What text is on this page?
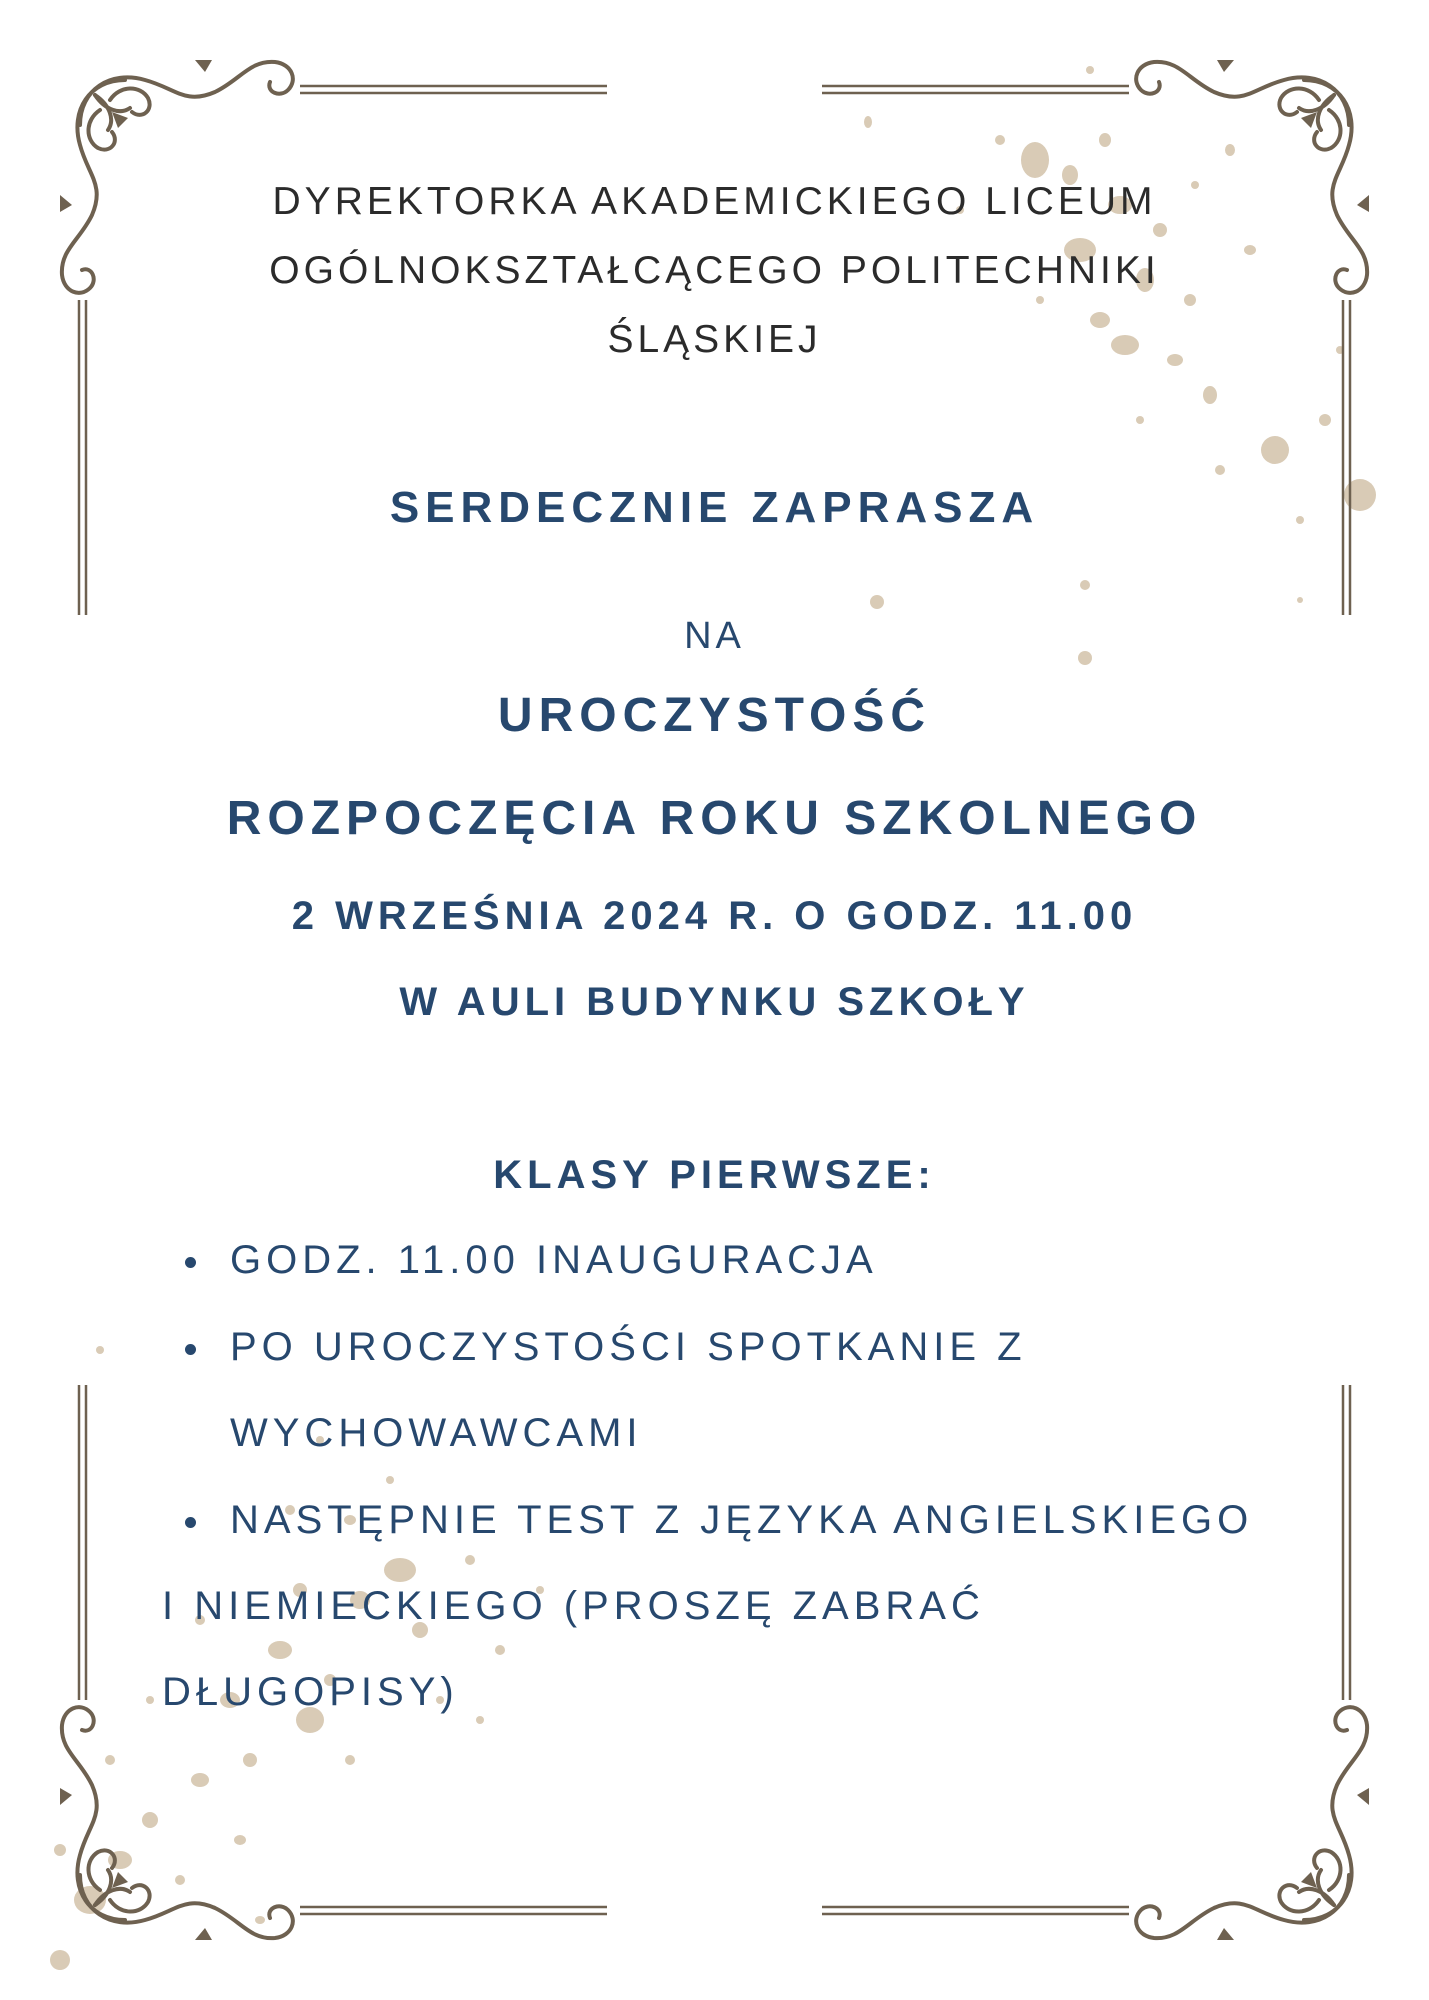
DYREKTORKA AKADEMICKIEGO LICEUM

OGÓLNOKSZTAŁCĄCEGO POLITECHNIKI

ŚLĄSKIEJ

SERDECZNIE ZAPRASZA

NA

UROCZYSTOŚĆ

ROZPOCZĘCIA ROKU SZKOLNEGO

2 WRZEŚNIA 2024 R. O GODZ. 11.00

W AULI BUDYNKU SZKOŁY

KLASY PIERWSZE:

GODZ. 11.00 INAUGURACJA

PO UROCZYSTOŚCI SPOTKANIE Z

WYCHOWAWCAMI

NASTĘPNIE TEST Z JĘZYKA ANGIELSKIEGO

I NIEMIECKIEGO (PROSZĘ ZABRAĆ

DŁUGOPISY)
